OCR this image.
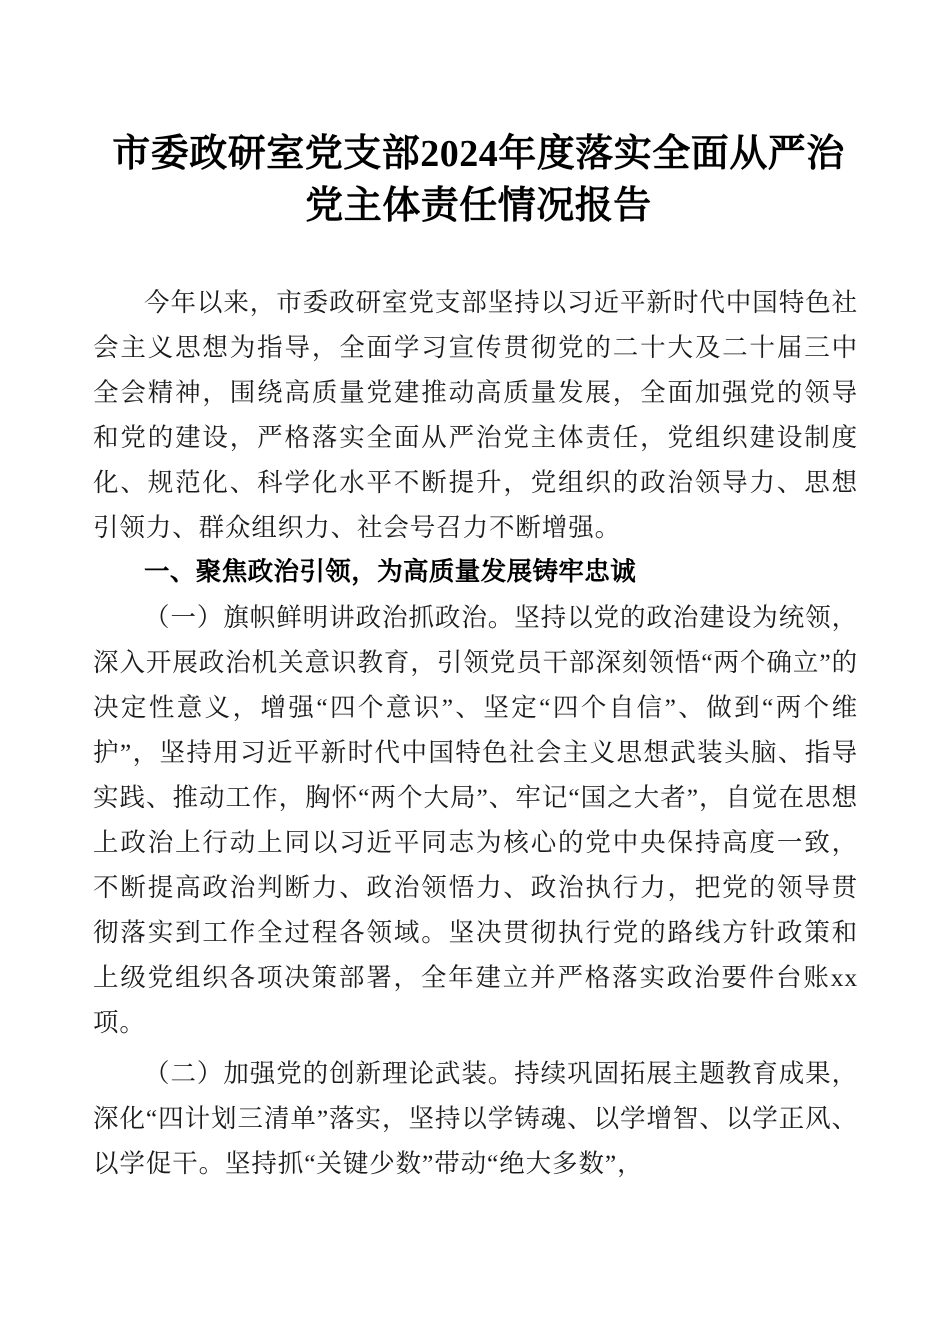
市委政研室党支部2024年度落实全面从严治党主体责任情况报告

今年以来，市委政研室党支部坚持以习近平新时代中国特色社会主义思想为指导，全面学习宣传贯彻党的二十大及二十届三中全会精神，围绕高质量党建推动高质量发展，全面加强党的领导和党的建设，严格落实全面从严治党主体责任，党组织建设制度化、规范化、科学化水平不断提升，党组织的政治领导力、思想引领力、群众组织力、社会号召力不断增强。

一、聚焦政治引领，为高质量发展铸牢忠诚

（一）旗帜鲜明讲政治抓政治。坚持以党的政治建设为统领，深入开展政治机关意识教育，引领党员干部深刻领悟“两个确立”的决定性意义，增强“四个意识”、坚定“四个自信”、做到“两个维护”，坚持用习近平新时代中国特色社会主义思想武装头脑、指导实践、推动工作，胸怀“两个大局”、牢记“国之大者”，自觉在思想上政治上行动上同以习近平同志为核心的党中央保持高度一致，不断提高政治判断力、政治领悟力、政治执行力，把党的领导贯彻落实到工作全过程各领域。坚决贯彻执行党的路线方针政策和上级党组织各项决策部署，全年建立并严格落实政治要件台账xx项。

（二）加强党的创新理论武装。持续巩固拓展主题教育成果，深化“四计划三清单”落实，坚持以学铸魂、以学增智、以学正风、以学促干。坚持抓“关键少数”带动“绝大多数”，
